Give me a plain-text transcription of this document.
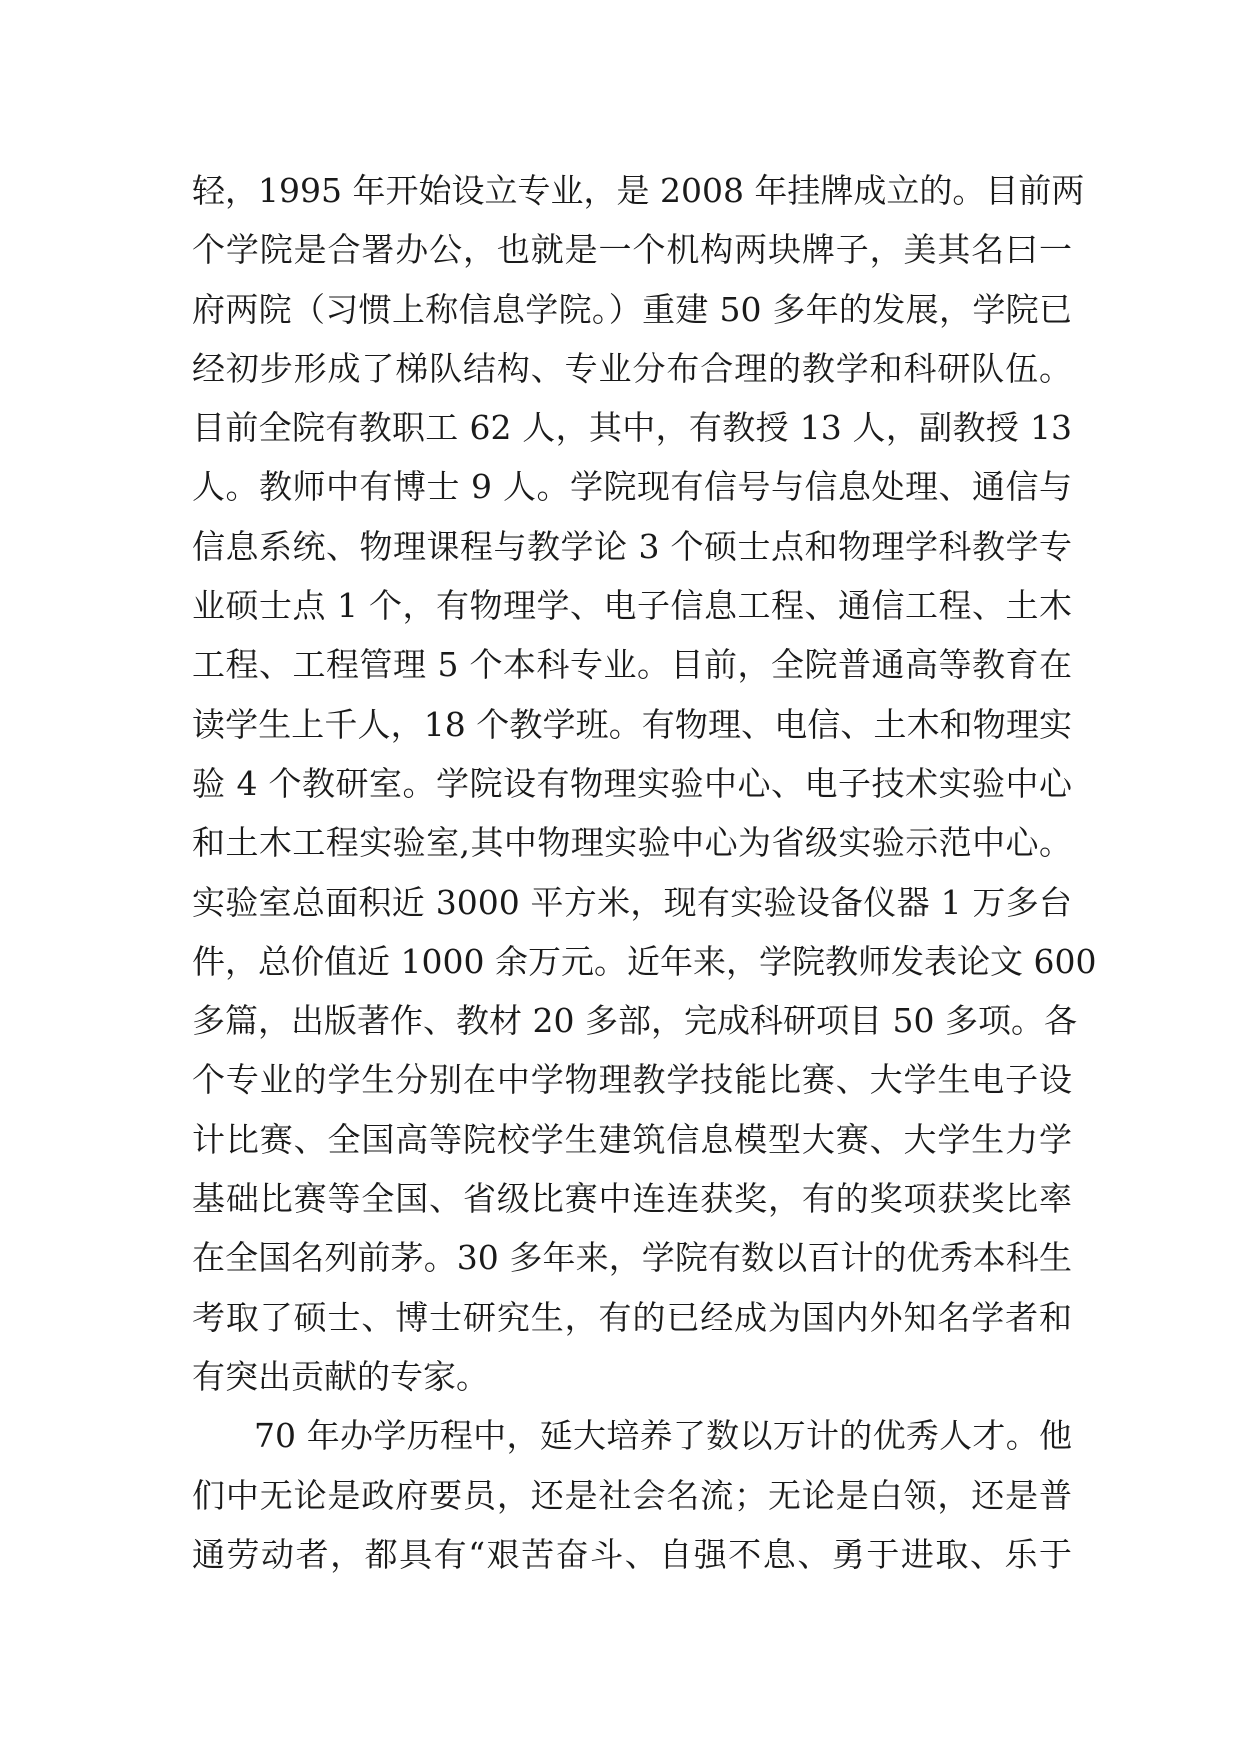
轻，1995 年开始设立专业，是 2008 年挂牌成立的。目前两
个学院是合署办公，也就是一个机构两块牌子，美其名曰一
府两院（习惯上称信息学院。）重建 50 多年的发展，学院已
经初步形成了梯队结构、专业分布合理的教学和科研队伍。
目前全院有教职工 62 人，其中，有教授 13 人，副教授 13
人。教师中有博士 9 人。学院现有信号与信息处理、通信与
信息系统、物理课程与教学论 3 个硕士点和物理学科教学专
业硕士点 1 个，有物理学、电子信息工程、通信工程、土木
工程、工程管理 5 个本科专业。目前，全院普通高等教育在
读学生上千人，18 个教学班。有物理、电信、土木和物理实
验 4 个教研室。学院设有物理实验中心、电子技术实验中心
和土木工程实验室,其中物理实验中心为省级实验示范中心。
实验室总面积近 3000 平方米，现有实验设备仪器 1 万多台
件，总价值近 1000 余万元。近年来，学院教师发表论文 600
多篇，出版著作、教材 20 多部，完成科研项目 50 多项。各
个专业的学生分别在中学物理教学技能比赛、大学生电子设
计比赛、全国高等院校学生建筑信息模型大赛、大学生力学
基础比赛等全国、省级比赛中连连获奖，有的奖项获奖比率
在全国名列前茅。30 多年来，学院有数以百计的优秀本科生
考取了硕士、博士研究生，有的已经成为国内外知名学者和
有突出贡献的专家。
70 年办学历程中，延大培养了数以万计的优秀人才。他
们中无论是政府要员，还是社会名流；无论是白领，还是普
通劳动者，都具有“艰苦奋斗、自强不息、勇于进取、乐于
